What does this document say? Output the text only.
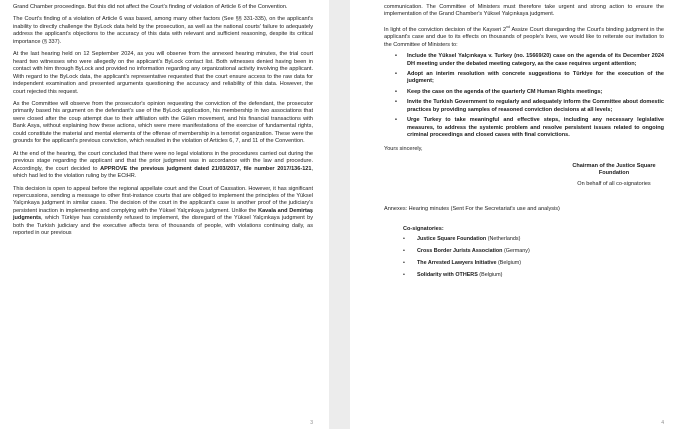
Grand Chamber proceedings. But this did not affect the Court's finding of violation of Article 6 of the Convention.

The Court's finding of a violation of Article 6 was based, among many other factors (See §§ 331-335), on the applicant's inability to directly challenge the ByLock data held by the prosecution, as well as the national courts' failure to adequately address the applicant's objections to the accuracy of this data with relevant and sufficient reasoning, despite its critical importance (§ 337).

At the last hearing held on 12 September 2024, as you will observe from the annexed hearing minutes, the trial court heard two witnesses who were allegedly on the applicant's ByLock contact list. Both witnesses denied having been in contact with him through ByLock and provided no information regarding any organizational activity involving the applicant. With regard to the ByLock data, the applicant's representative requested that the court ensure access to the raw data for independent examination and presented arguments questioning the accuracy and reliability of this data. However, the court rejected this request.

As the Committee will observe from the prosecutor's opinion requesting the conviction of the defendant, the prosecutor primarily based his argument on the defendant's use of the ByLock application, his membership in two associations that were closed after the coup attempt due to their affiliation with the Gülen movement, and his financial transactions with Bank Asya, without explaining how these actions, which were mere manifestations of the exercise of fundamental rights, could constitute the material and mental elements of the offense of membership in a terrorist organization. These were the grounds for the applicant's previous conviction, which resulted in the violation of Articles 6, 7, and 11 of the Convention.

At the end of the hearing, the court concluded that there were no legal violations in the procedures carried out during the previous stage regarding the applicant and that the prior judgment was in accordance with the law and procedure. Accordingly, the court decided to APPROVE the previous judgment dated 21/03/2017, file number 2017/136-121, which had led to the violation ruling by the ECtHR.

This decision is open to appeal before the regional appellate court and the Court of Cassation. However, it has significant repercussions, sending a message to other first-instance courts that are obliged to implement the principles of the Yüksel Yalçınkaya judgment in similar cases. The decision of the court in the applicant's case is another proof of the judiciary's persistent inaction in implementing and complying with the Yüksel Yalçınkaya judgment. Unlike the Kavala and Demirtaş judgments, which Türkiye has consistently refused to implement, the disregard of the Yüksel Yalçınkaya judgment by both the Turkish judiciary and the executive affects tens of thousands of people, with violations continuing daily, as reported in our previous

3

communication. The Committee of Ministers must therefore take urgent and strong action to ensure the implementation of the Grand Chamber's Yüksel Yalçınkaya judgment.

In light of the conviction decision of the Kayseri 2nd Assize Court disregarding the Court's binding judgment in the applicant's case and due to its effects on thousands of people's lives, we would like to reiterate our invitation to the Committee of Ministers to:

• Include the Yüksel Yalçınkaya v. Turkey (no. 15669/20) case on the agenda of its December 2024 DH meeting under the debated meeting category, as the case requires urgent attention;
• Adopt an interim resolution with concrete suggestions to Türkiye for the execution of the judgment;
• Keep the case on the agenda of the quarterly CM Human Rights meetings;
• Invite the Turkish Government to regularly and adequately inform the Committee about domestic practices by providing samples of reasoned conviction decisions at all levels;
• Urge Turkey to take meaningful and effective steps, including any necessary legislative measures, to address the systemic problem and resolve persistent issues related to ongoing criminal proceedings and closed cases with final convictions.

Yours sincerely,

Chairman of the Justice Square Foundation
On behalf of all co-signatories

Annexes: Hearing minutes (Sent For the Secretariat's use and analysis)

Co-signatories:
• Justice Square Foundation (Netherlands)
• Cross Border Jurists Association (Germany)
• The Arrested Lawyers Initiative (Belgium)
• Solidarity with OTHERS (Belgium)
4
